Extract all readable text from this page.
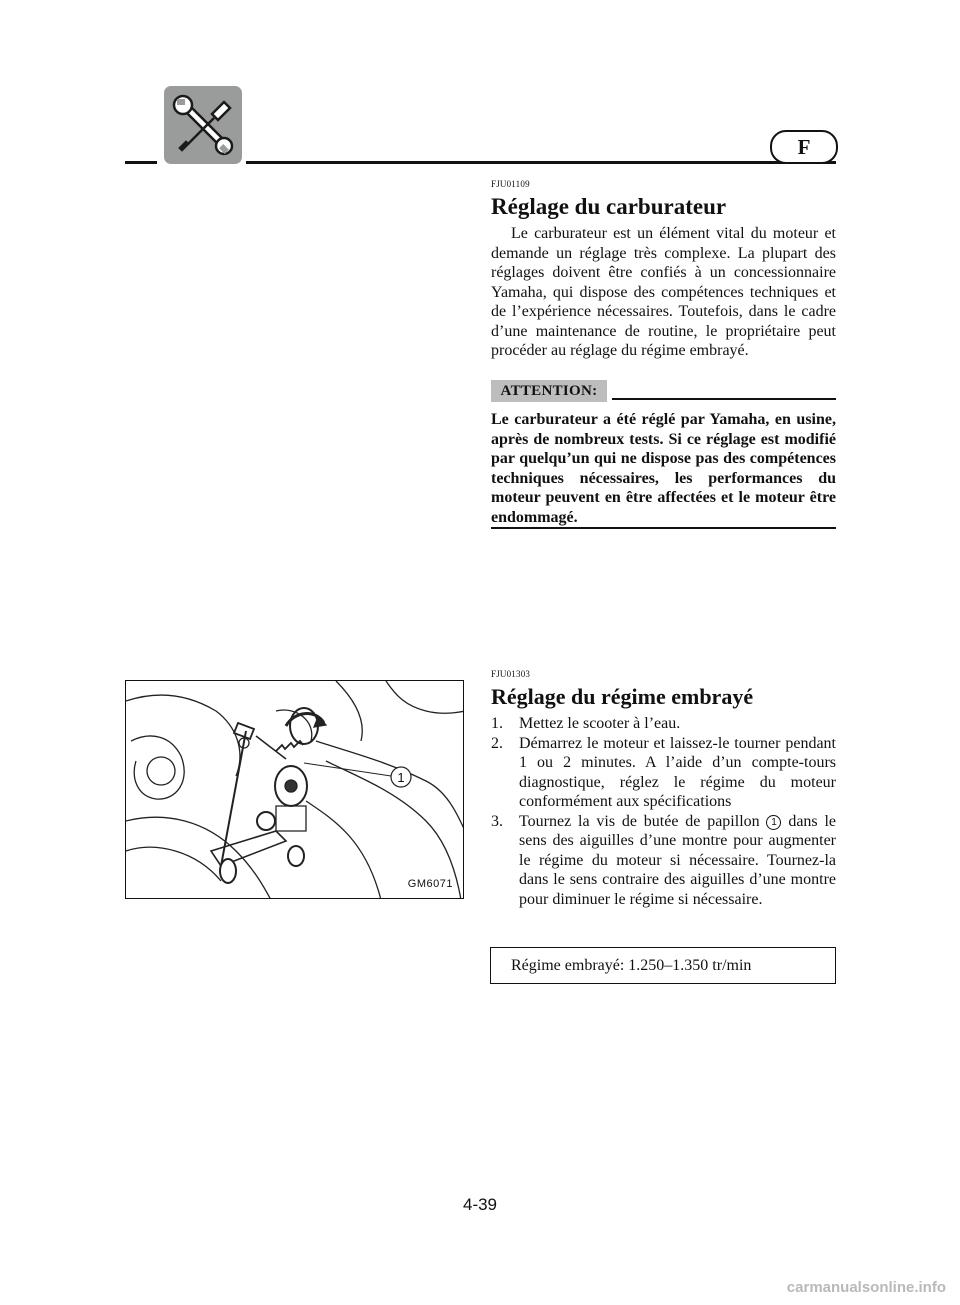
F
FJU01109
Réglage du carburateur

Le carburateur est un élément vital du moteur et demande un réglage très complexe. La plupart des réglages doivent être confiés à un concessionnaire Yamaha, qui dispose des compétences techniques et de l’expérience nécessaires. Toutefois, dans le cadre d’une maintenance de routine, le propriétaire peut procéder au réglage du régime embrayé.

ATTENTION:

Le carburateur a été réglé par Yamaha, en usine, après de nombreux tests. Si ce réglage est modifié par quelqu’un qui ne dispose pas des compétences techniques nécessaires, les performances du moteur peuvent en être affectées et le moteur être endommagé.

1
GM6071
FJU01303
Réglage du régime embrayé
1. Mettez le scooter à l’eau.
2. Démarrez le moteur et laissez-le tourner pendant 1 ou 2 minutes. A l’aide d’un compte-tours diagnostique, réglez le régime du moteur conformément aux spécifications
3. Tournez la vis de butée de papillon 1 dans le sens des aiguilles d’une montre pour augmenter le régime du moteur si nécessaire. Tournez-la dans le sens contraire des aiguilles d’une montre pour diminuer le régime si nécessaire.
Régime embrayé: 1.250–1.350 tr/min
4-39
carmanualsonline.info
